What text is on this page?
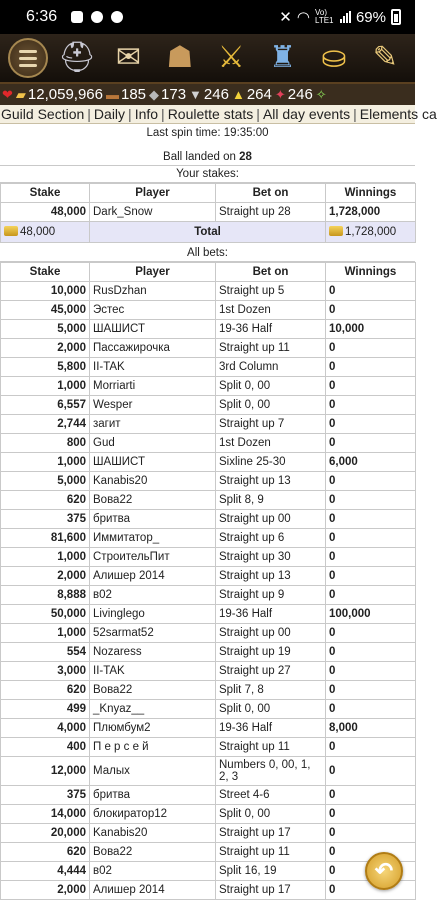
6:36	✕ ◠ Vo) LTE1 69%
⛑ ✉ ☗ ⚔ ♜ ⛀ ✎
❤ ▰ 12,059,966 ▬ 185 ◆ 173 ▼ 246 ▲ 264 ✦ 246 ✧
Guild Section | Daily | Info | Roulette stats | All day events | Elements ca
Last spin time: 19:35:00
Ball landed on 28
Your stakes:
Stake	Player	Bet on	Winnings
48,000	Dark_Snow	Straight up 28	1,728,000
48,000	Total		1,728,000
All bets:
Stake	Player	Bet on	Winnings
10,000	RusDzhan	Straight up 5	0
45,000	Эстес	1st Dozen	0
5,000	ШАШИСТ	19-36 Half	10,000
2,000	Пассажирочка	Straight up 11	0
5,800	II-TAK	3rd Column	0
1,000	Morriarti	Split 0, 00	0
6,557	Wesper	Split 0, 00	0
2,744	загит	Straight up 7	0
800	Gud	1st Dozen	0
1,000	ШАШИСТ	Sixline 25-30	6,000
5,000	Kanabis20	Straight up 13	0
620	Вова22	Split 8, 9	0
375	бритва	Straight up 00	0
81,600	Иммитатор_	Straight up 6	0
1,000	СтроительПит	Straight up 30	0
2,000	Алишер 2014	Straight up 13	0
8,888	в02	Straight up 9	0
50,000	Livinglego	19-36 Half	100,000
1,000	52sarmat52	Straight up 00	0
554	Nozaress	Straight up 19	0
3,000	II-TAK	Straight up 27	0
620	Вова22	Split 7, 8	0
499	_Knyaz__	Split 0, 00	0
4,000	Плюмбум2	19-36 Half	8,000
400	П е р с е й	Straight up 11	0
12,000	Малых	Numbers 0, 00, 1, 2, 3	0
375	бритва	Street 4-6	0
14,000	блокиратор12	Split 0, 00	0
20,000	Kanabis20	Straight up 17	0
620	Вова22	Straight up 11	0
4,444	в02	Split 16, 19	0
2,000	Алишер 2014	Straight up 17	0
↶
